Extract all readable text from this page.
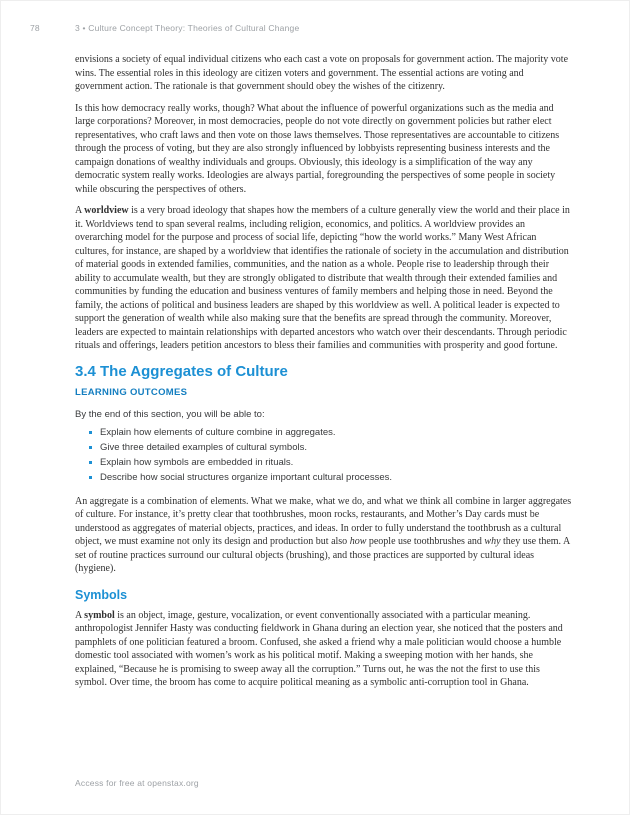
78	3 • Culture Concept Theory: Theories of Cultural Change

envisions a society of equal individual citizens who each cast a vote on proposals for government action. The majority vote wins. The essential roles in this ideology are citizen voters and government. The essential actions are voting and government action. The rationale is that government should obey the wishes of the citizenry.

Is this how democracy really works, though? What about the influence of powerful organizations such as the media and large corporations? Moreover, in most democracies, people do not vote directly on government policies but rather elect representatives, who craft laws and then vote on those laws themselves. Those representatives are accountable to citizens through the process of voting, but they are also strongly influenced by lobbyists representing business interests and the campaign donations of wealthy individuals and groups. Obviously, this ideology is a simplification of the way any democratic system really works. Ideologies are always partial, foregrounding the perspectives of some people in society while obscuring the perspectives of others.

A worldview is a very broad ideology that shapes how the members of a culture generally view the world and their place in it. Worldviews tend to span several realms, including religion, economics, and politics. A worldview provides an overarching model for the purpose and process of social life, depicting “how the world works.” Many West African cultures, for instance, are shaped by a worldview that identifies the rationale of society in the accumulation and distribution of material goods in extended families, communities, and the nation as a whole. People rise to leadership through their ability to accumulate wealth, but they are strongly obligated to distribute that wealth through their extended families and communities by funding the education and business ventures of family members and helping those in need. Beyond the family, the actions of political and business leaders are shaped by this worldview as well. A political leader is expected to support the generation of wealth while also making sure that the benefits are spread through the community. Moreover, leaders are expected to maintain relationships with departed ancestors who watch over their descendants. Through periodic rituals and offerings, leaders petition ancestors to bless their families and communities with prosperity and good fortune.

3.4 The Aggregates of Culture
LEARNING OUTCOMES

By the end of this section, you will be able to:

Explain how elements of culture combine in aggregates.
Give three detailed examples of cultural symbols.
Explain how symbols are embedded in rituals.
Describe how social structures organize important cultural processes.

An aggregate is a combination of elements. What we make, what we do, and what we think all combine in larger aggregates of culture. For instance, it’s pretty clear that toothbrushes, moon rocks, restaurants, and Mother’s Day cards must be understood as aggregates of material objects, practices, and ideas. In order to fully understand the toothbrush as a cultural object, we must examine not only its design and production but also how people use toothbrushes and why they use them. A set of routine practices surround our cultural objects (brushing), and those practices are supported by cultural ideas (hygiene).

Symbols

A symbol is an object, image, gesture, vocalization, or event conventionally associated with a particular meaning. anthropologist Jennifer Hasty was conducting fieldwork in Ghana during an election year, she noticed that the posters and pamphlets of one politician featured a broom. Confused, she asked a friend why a male politician would choose a humble domestic tool associated with women’s work as his political motif. Making a sweeping motion with her hands, she explained, “Because he is promising to sweep away all the corruption.” Turns out, he was the not the first to use this symbol. Over time, the broom has come to acquire political meaning as a symbolic anti-corruption tool in Ghana.

Access for free at openstax.org
